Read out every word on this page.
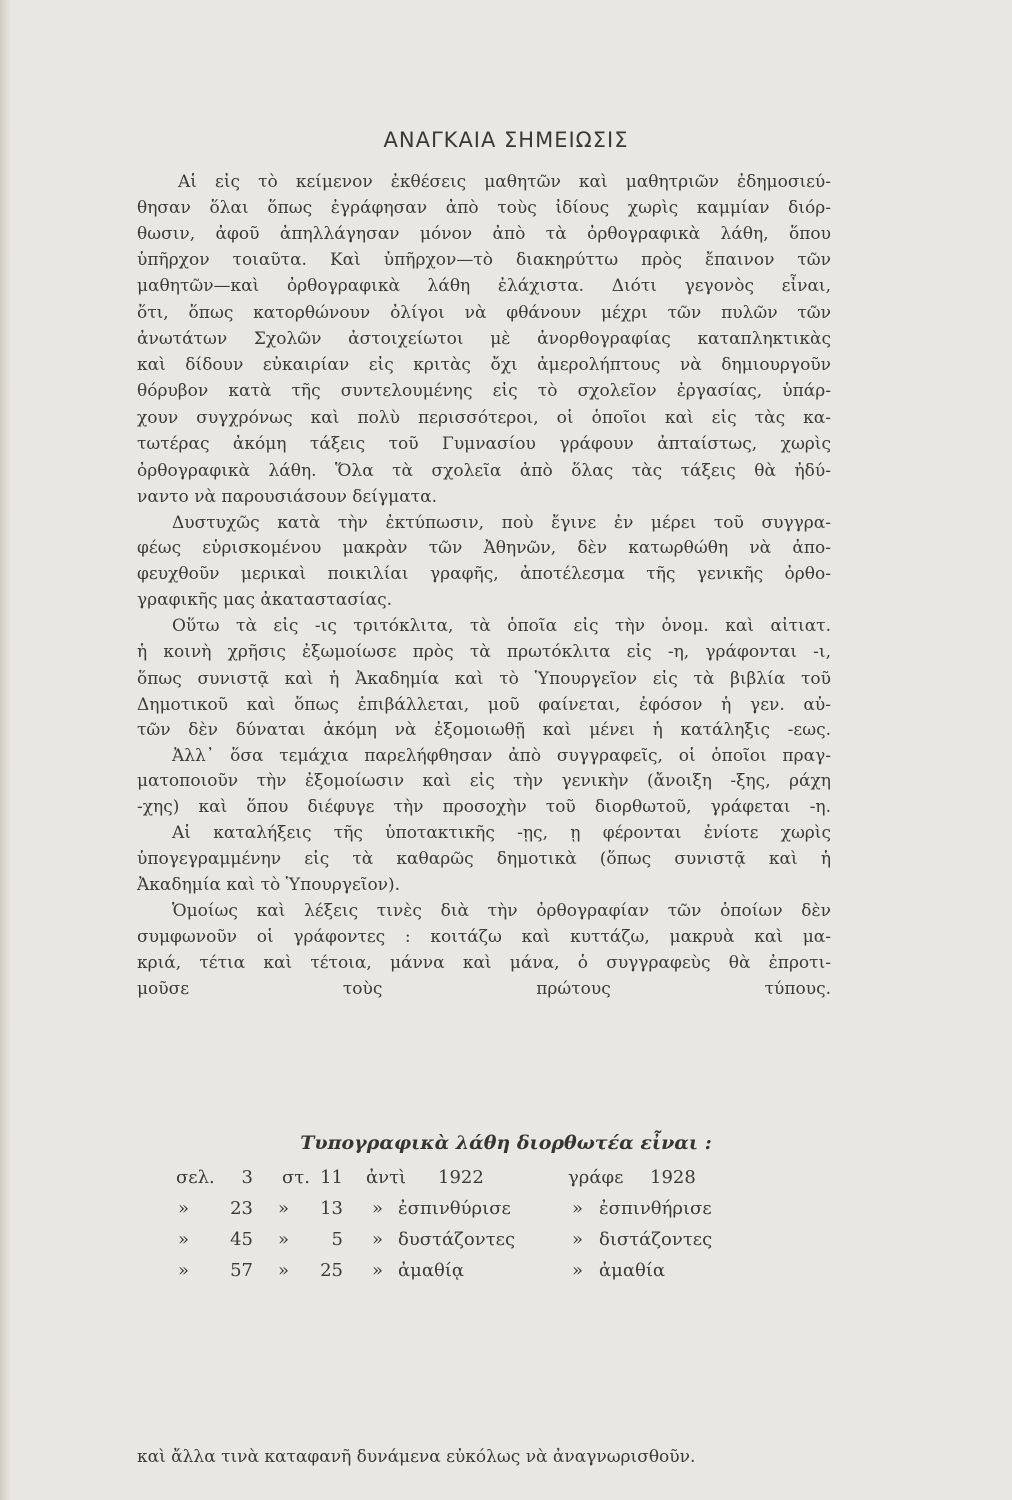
ΑΝΑΓΚΑΙΑ ΣΗΜΕΙΩΣΙΣ
Αἱ εἰς τὸ κείμενον ἐκθέσεις μαθητῶν καὶ μαθητριῶν ἐδημοσιεύ-
θησαν ὅλαι ὅπως ἐγράφησαν ἀπὸ τοὺς ἰδίους χωρὶς καμμίαν διόρ-
θωσιν, ἀφοῦ ἀπηλλάγησαν μόνον ἀπὸ τὰ ὀρθογραφικὰ λάθη, ὅπου
ὑπῆρχον τοιαῦτα. Καὶ ὑπῆρχον—τὸ διακηρύττω πρὸς ἔπαινον τῶν
μαθητῶν—καὶ ὀρθογραφικὰ λάθη ἐλάχιστα. Διότι γεγονὸς εἶναι,
ὅτι, ὅπως κατορθώνουν ὀλίγοι νὰ φθάνουν μέχρι τῶν πυλῶν τῶν
ἀνωτάτων Σχολῶν ἀστοιχείωτοι μὲ ἀνορθογραφίας καταπληκτικὰς
καὶ δίδουν εὐκαιρίαν εἰς κριτὰς ὄχι ἀμερολήπτους νὰ δημιουργοῦν
θόρυβον κατὰ τῆς συντελουμένης εἰς τὸ σχολεῖον ἐργασίας, ὑπάρ-
χουν συγχρόνως καὶ πολὺ περισσότεροι, οἱ ὁποῖοι καὶ εἰς τὰς κα-
τωτέρας ἀκόμη τάξεις τοῦ Γυμνασίου γράφουν ἀπταίστως, χωρὶς
ὀρθογραφικὰ λάθη. Ὅλα τὰ σχολεῖα ἀπὸ ὅλας τὰς τάξεις θὰ ἠδύ-
ναντο νὰ παρουσιάσουν δείγματα.
Δυστυχῶς κατὰ τὴν ἐκτύπωσιν, ποὺ ἔγινε ἐν μέρει τοῦ συγγρα-
φέως εὑρισκομένου μακρὰν τῶν Ἀθηνῶν, δὲν κατωρθώθη νὰ ἀπο-
φευχθοῦν μερικαὶ ποικιλίαι γραφῆς, ἀποτέλεσμα τῆς γενικῆς ὀρθο-
γραφικῆς μας ἀκαταστασίας.
Οὕτω τὰ εἰς -ις τριτόκλιτα, τὰ ὁποῖα εἰς τὴν ὀνομ. καὶ αἰτιατ.
ἡ κοινὴ χρῆσις ἐξωμοίωσε πρὸς τὰ πρωτόκλιτα εἰς -η, γράφονται -ι,
ὅπως συνιστᾷ καὶ ἡ Ἀκαδημία καὶ τὸ Ὑπουργεῖον εἰς τὰ βιβλία τοῦ
Δημοτικοῦ καὶ ὅπως ἐπιβάλλεται, μοῦ φαίνεται, ἐφόσον ἡ γεν. αὐ-
τῶν δὲν δύναται ἀκόμη νὰ ἐξομοιωθῇ καὶ μένει ἡ κατάληξις -εως.
Ἀλλ᾽ ὅσα τεμάχια παρελήφθησαν ἀπὸ συγγραφεῖς, οἱ ὁποῖοι πραγ-
ματοποιοῦν τὴν ἐξομοίωσιν καὶ εἰς τὴν γενικὴν (ἄνοιξη -ξης, ράχη
-χης) καὶ ὅπου διέφυγε τὴν προσοχὴν τοῦ διορθωτοῦ, γράφεται -η.
Αἱ καταλήξεις τῆς ὑποτακτικῆς -ῃς, ῃ φέρονται ἐνίοτε χωρὶς
ὑπογεγραμμένην εἰς τὰ καθαρῶς δημοτικὰ (ὅπως συνιστᾷ καὶ ἡ
Ἀκαδημία καὶ τὸ Ὑπουργεῖον).
Ὁμοίως καὶ λέξεις τινὲς διὰ τὴν ὀρθογραφίαν τῶν ὁποίων δὲν
συμφωνοῦν οἱ γράφοντες : κοιτάζω καὶ κυττάζω, μακρυὰ καὶ μα-
κριά, τέτια καὶ τέτοια, μάννα καὶ μάνα, ὁ συγγραφεὺς θὰ ἐπροτι-
μοῦσε τοὺς πρώτους τύπους.
Τυπογραφικὰ λάθη διορθωτέα εἶναι :
σελ.	3 στ. 11 ἀντὶ 1922	γράφε 1928
»	23 »	13 » ἐσπινθύρισε	» ἐσπινθήρισε
»	45 »	5 » δυστάζοντες	» διστάζοντες
»	57 »	25 » ἀμαθίᾳ	» ἀμαθία
καὶ ἄλλα τινὰ καταφανῆ δυνάμενα εὐκόλως νὰ ἀναγνωρισθοῦν.
